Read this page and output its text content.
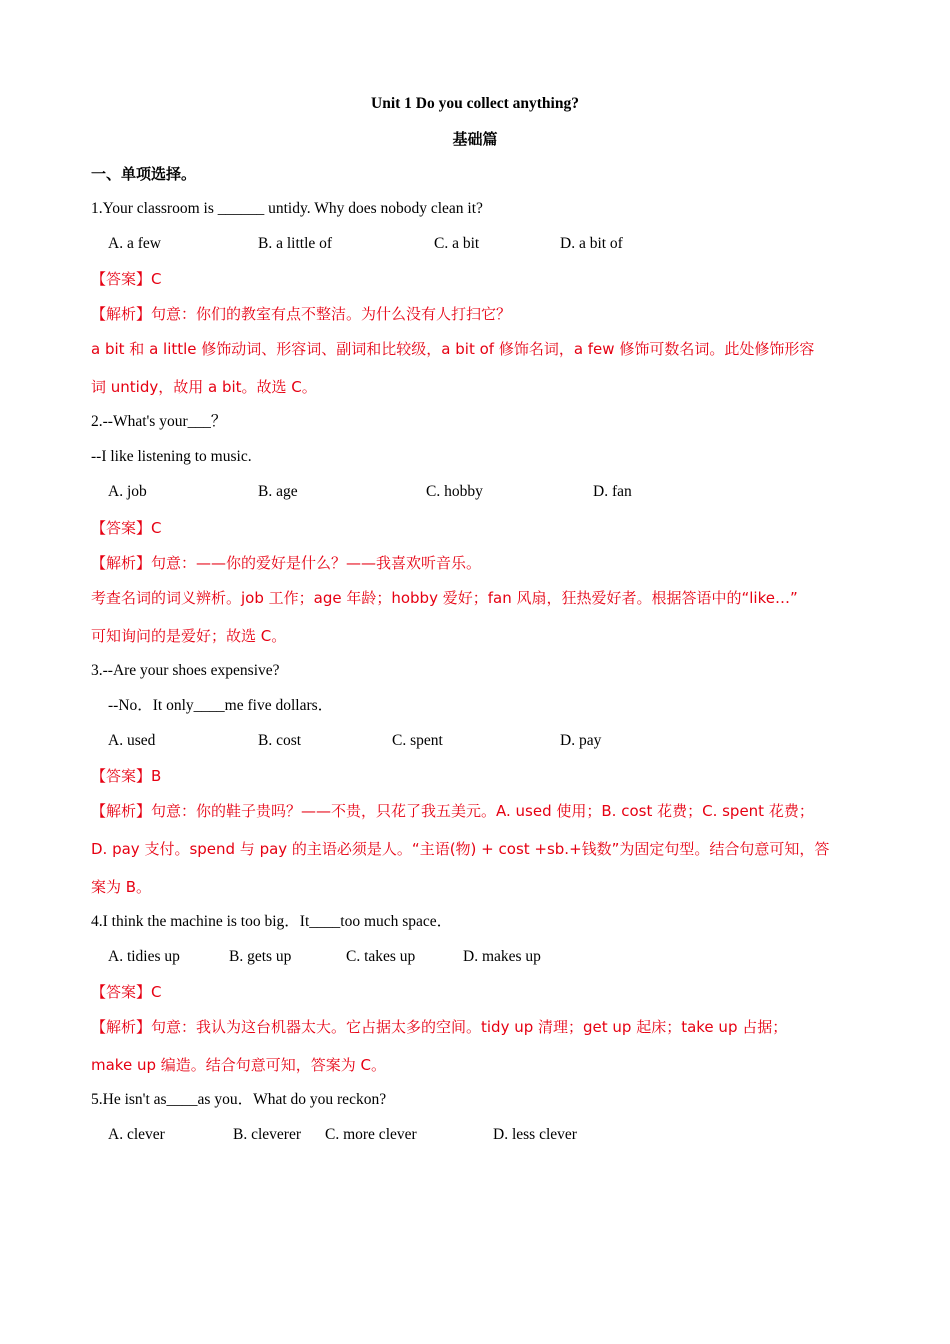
Unit 1 Do you collect anything?
基础篇
一、单项选择。
1.Your classroom is ______ untidy. Why does nobody clean it?
A. a few	B. a little of	C. a bit	D. a bit of
【答案】C
【解析】句意：你们的教室有点不整洁。为什么没有人打扫它？
a bit 和 a little 修饰动词、形容词、副词和比较级，a bit of 修饰名词，a few 修饰可数名词。此处修饰形容
词 untidy，故用 a bit。故选 C。
2.--What's your___？
--I like listening to music.
A. job	B. age	C. hobby	D. fan
【答案】C
【解析】句意：——你的爱好是什么？——我喜欢听音乐。
考查名词的词义辨析。job 工作；age 年龄；hobby 爱好；fan 风扇，狂热爱好者。根据答语中的“like…”
可知询问的是爱好；故选 C。
3.--Are your shoes expensive?
--No．It only____me five dollars．
A. used	B. cost	C. spent	D. pay
【答案】B
【解析】句意：你的鞋子贵吗？——不贵，只花了我五美元。A. used 使用；B. cost 花费；C. spent 花费；
D. pay 支付。spend 与 pay 的主语必须是人。“主语(物) + cost +sb.+钱数”为固定句型。结合句意可知，答
案为 B。
4.I think the machine is too big．It____too much space．
A. tidies up	B. gets up	C. takes up	D. makes up
【答案】C
【解析】句意：我认为这台机器太大。它占据太多的空间。tidy up 清理；get up 起床；take up 占据；
make up 编造。结合句意可知，答案为 C。
5.He isn't as____as you．What do you reckon?
A. clever	B. cleverer C. more clever	D. less clever
